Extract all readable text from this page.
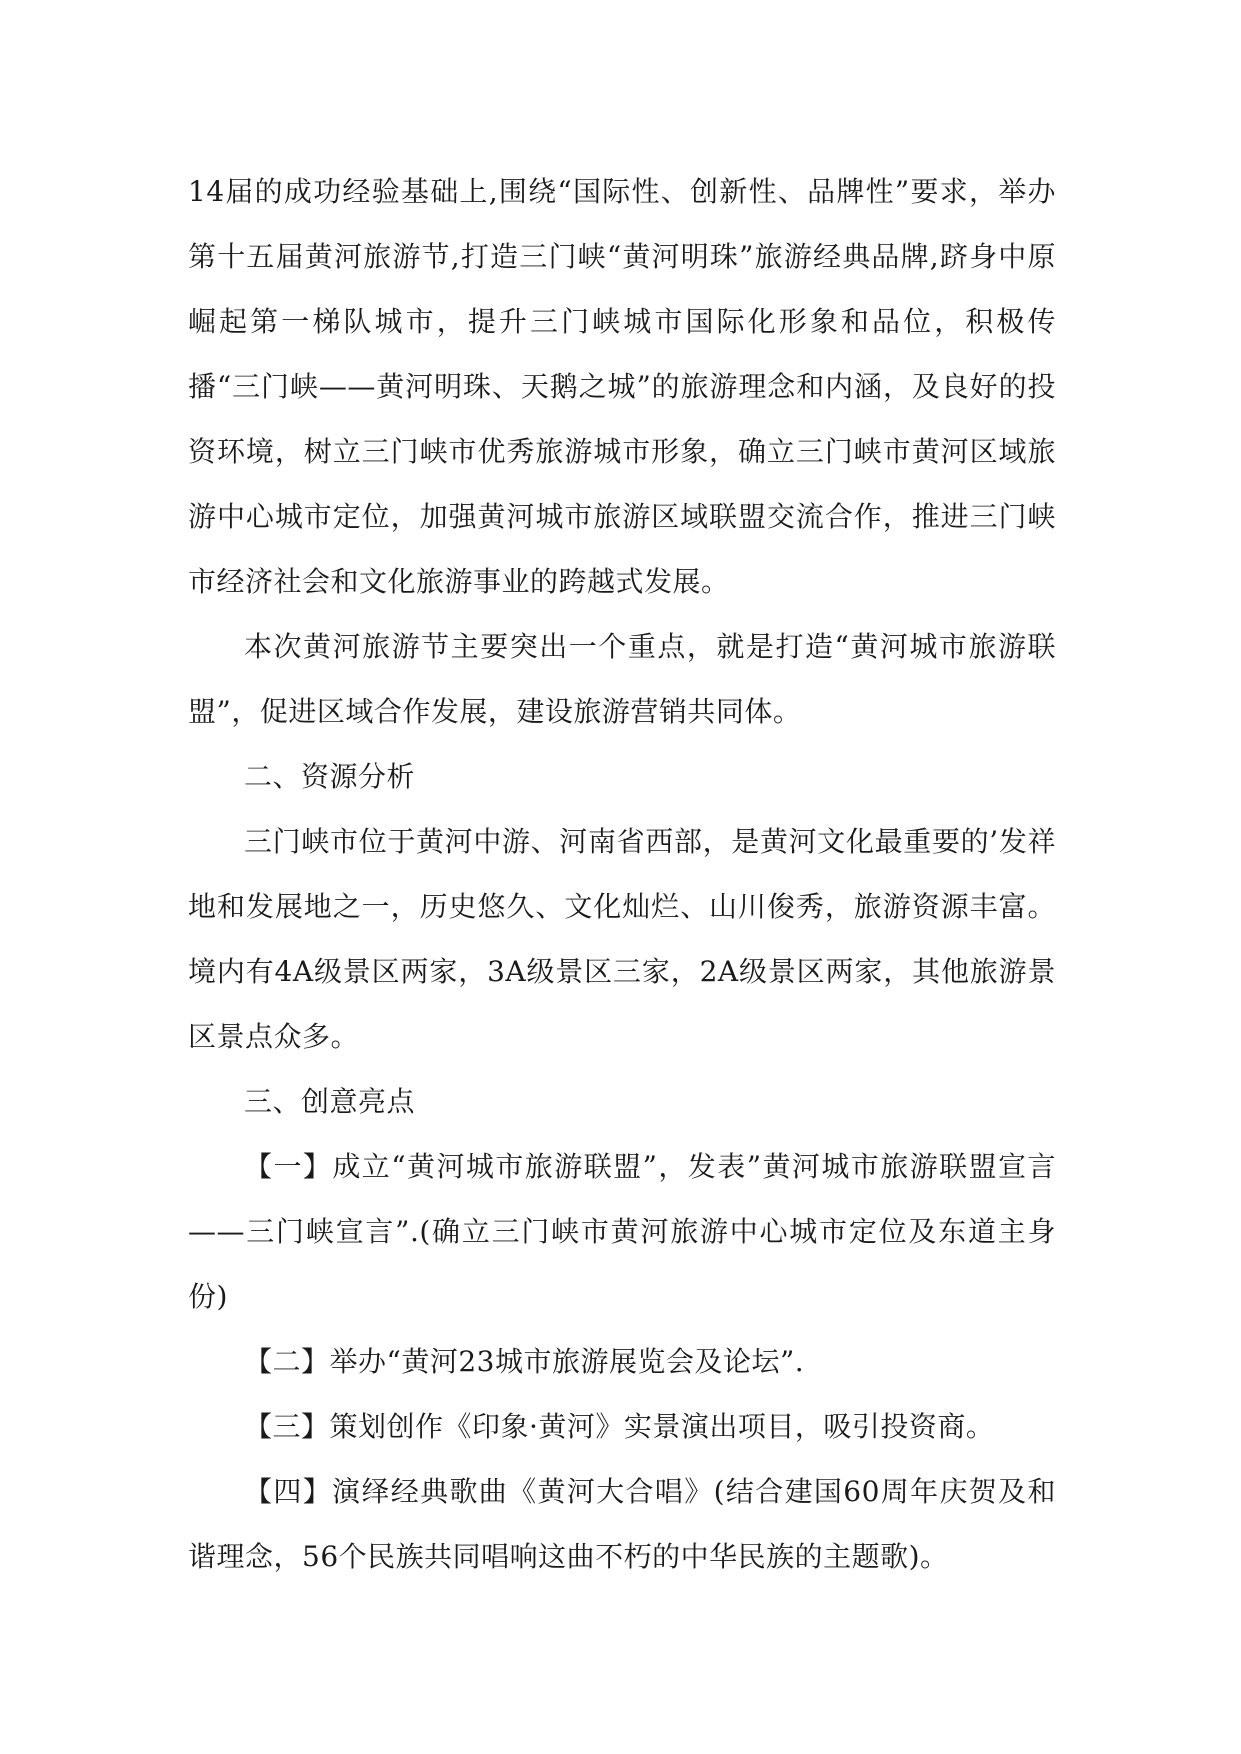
14届的成功经验基础上,围绕“国际性、创新性、品牌性”要求，举办第十五届黄河旅游节,打造三门峡“黄河明珠”旅游经典品牌,跻身中原崛起第一梯队城市，提升三门峡城市国际化形象和品位，积极传播“三门峡——黄河明珠、天鹅之城”的旅游理念和内涵，及良好的投资环境，树立三门峡市优秀旅游城市形象，确立三门峡市黄河区域旅游中心城市定位，加强黄河城市旅游区域联盟交流合作，推进三门峡市经济社会和文化旅游事业的跨越式发展。

本次黄河旅游节主要突出一个重点，就是打造“黄河城市旅游联盟”，促进区域合作发展，建设旅游营销共同体。

二、资源分析

三门峡市位于黄河中游、河南省西部，是黄河文化最重要的’发祥地和发展地之一，历史悠久、文化灿烂、山川俊秀，旅游资源丰富。境内有4A级景区两家，3A级景区三家，2A级景区两家，其他旅游景区景点众多。

三、创意亮点

【一】成立“黄河城市旅游联盟”，发表”黄河城市旅游联盟宣言——三门峡宣言”.(确立三门峡市黄河旅游中心城市定位及东道主身份)

【二】举办“黄河23城市旅游展览会及论坛”.

【三】策划创作《印象·黄河》实景演出项目，吸引投资商。

【四】演绎经典歌曲《黄河大合唱》(结合建国60周年庆贺及和谐理念，56个民族共同唱响这曲不朽的中华民族的主题歌)。
